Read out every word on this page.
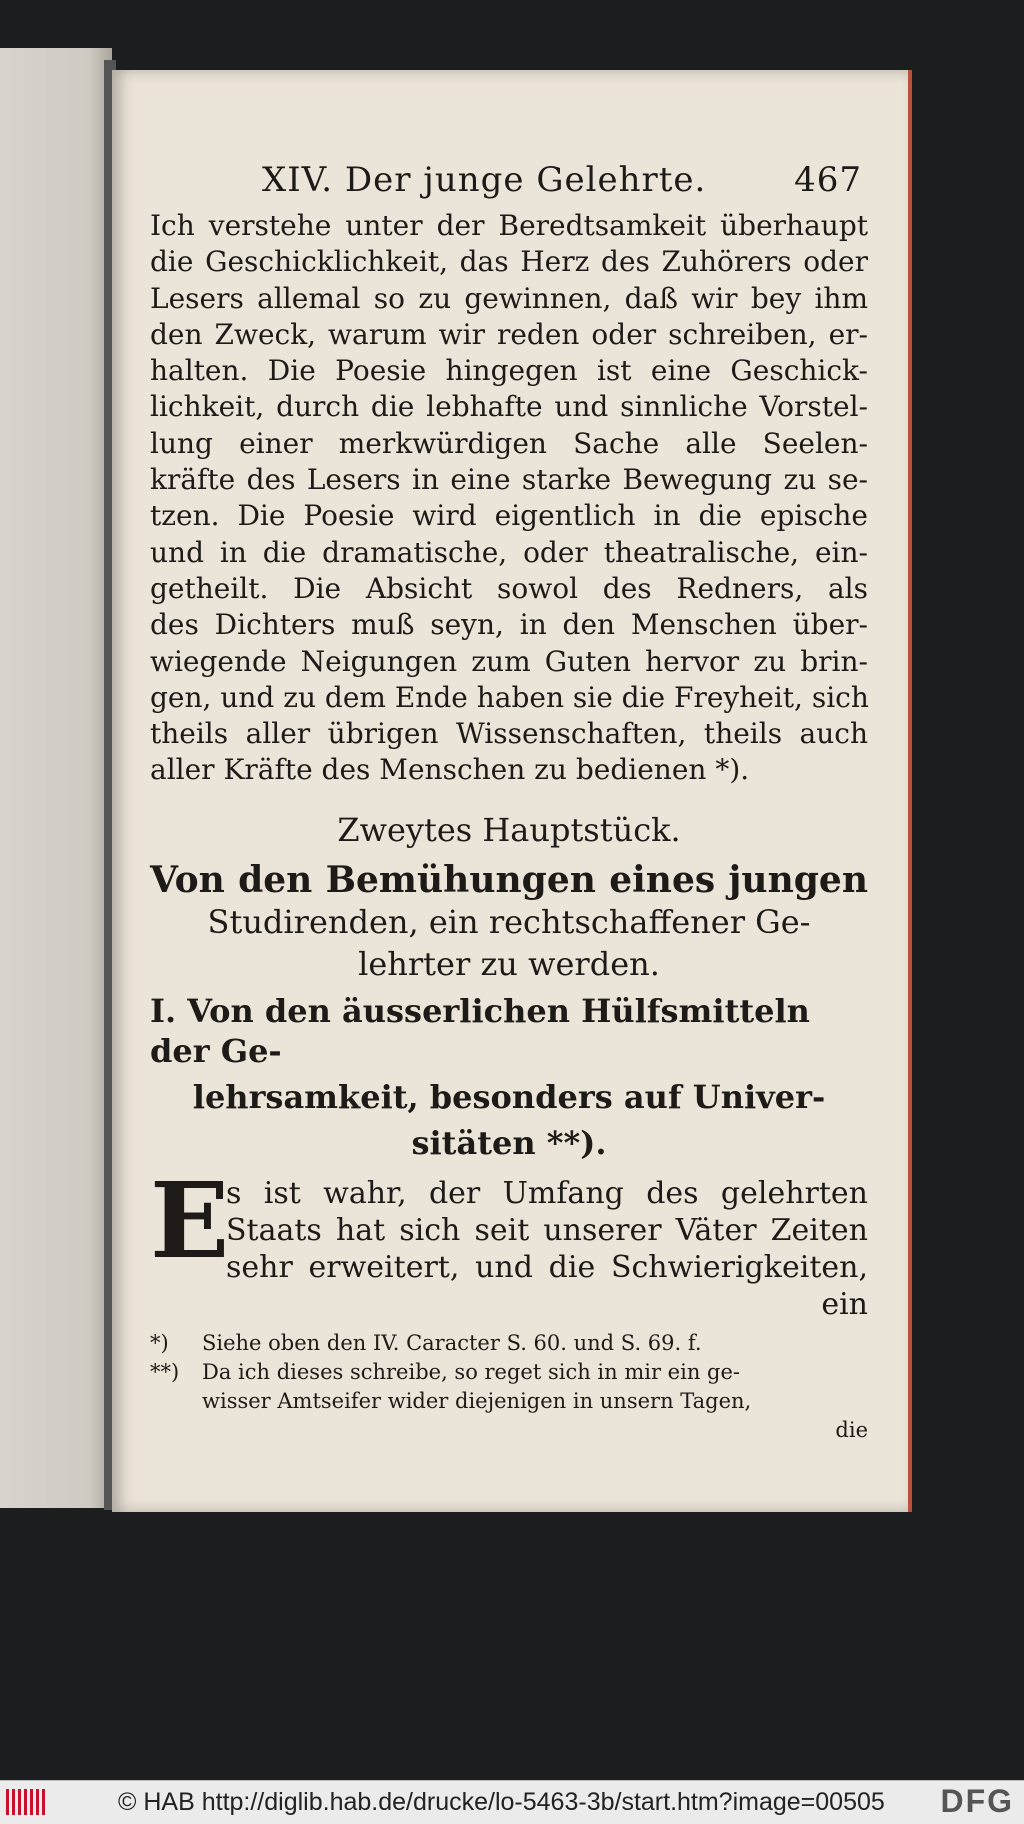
XIV. Der junge Gelehrte.	467
Ich verstehe unter der Beredtsamkeit überhaupt
die Geschicklichkeit, das Herz des Zuhörers oder
Lesers allemal so zu gewinnen, daß wir bey ihm
den Zweck, warum wir reden oder schreiben, er-
halten. Die Poesie hingegen ist eine Geschick-
lichkeit, durch die lebhafte und sinnliche Vorstel-
lung einer merkwürdigen Sache alle Seelen-
kräfte des Lesers in eine starke Bewegung zu se-
tzen. Die Poesie wird eigentlich in die epische
und in die dramatische, oder theatralische, ein-
getheilt. Die Absicht sowol des Redners, als
des Dichters muß seyn, in den Menschen über-
wiegende Neigungen zum Guten hervor zu brin-
gen, und zu dem Ende haben sie die Freyheit, sich
theils aller übrigen Wissenschaften, theils auch
aller Kräfte des Menschen zu bedienen *).
Zweytes Hauptstück.
Von den Bemühungen eines jungen
Studirenden, ein rechtschaffener Ge-
lehrter zu werden.
I. Von den äusserlichen Hülfsmitteln der Ge-
lehrsamkeit, besonders auf Univer-
sitäten **).
E
s ist wahr, der Umfang des gelehrten
Staats hat sich seit unserer Väter Zeiten
sehr erweitert, und die Schwierigkeiten,
ein
*) Siehe oben den IV. Caracter S. 60. und S. 69. f.
**) Da ich dieses schreibe, so reget sich in mir ein ge-
wisser Amtseifer wider diejenigen in unsern Tagen,
die
© HAB http://diglib.hab.de/drucke/lo-5463-3b/start.htm?image=00505 DFG
